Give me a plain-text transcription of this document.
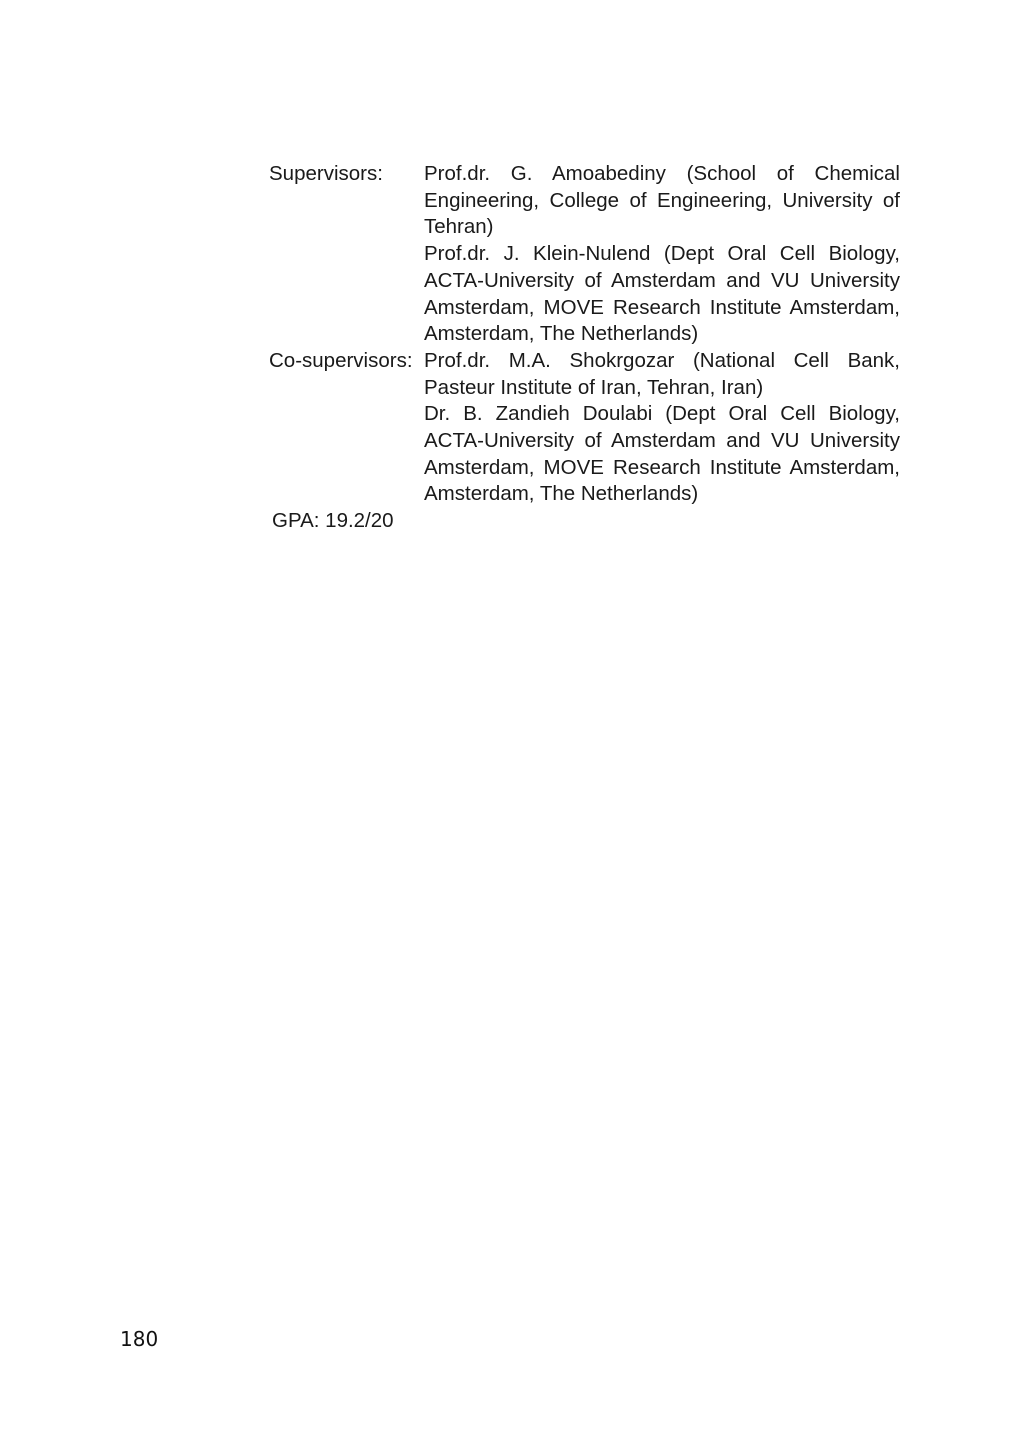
Supervisors:	Prof.dr. G. Amoabediny (School of Chemical Engineering, College of Engineering, University of Tehran)
Prof.dr. J. Klein-Nulend (Dept Oral Cell Biology, ACTA-University of Amsterdam and VU University Amsterdam, MOVE Research Institute Amsterdam, Amsterdam, The Netherlands)
Co-supervisors: Prof.dr. M.A. Shokrgozar (National Cell Bank, Pasteur Institute of Iran, Tehran, Iran)
Dr. B. Zandieh Doulabi (Dept Oral Cell Biology, ACTA-University of Amsterdam and VU University Amsterdam, MOVE Research Institute Amsterdam, Amsterdam, The Netherlands)
GPA: 19.2/20
180
